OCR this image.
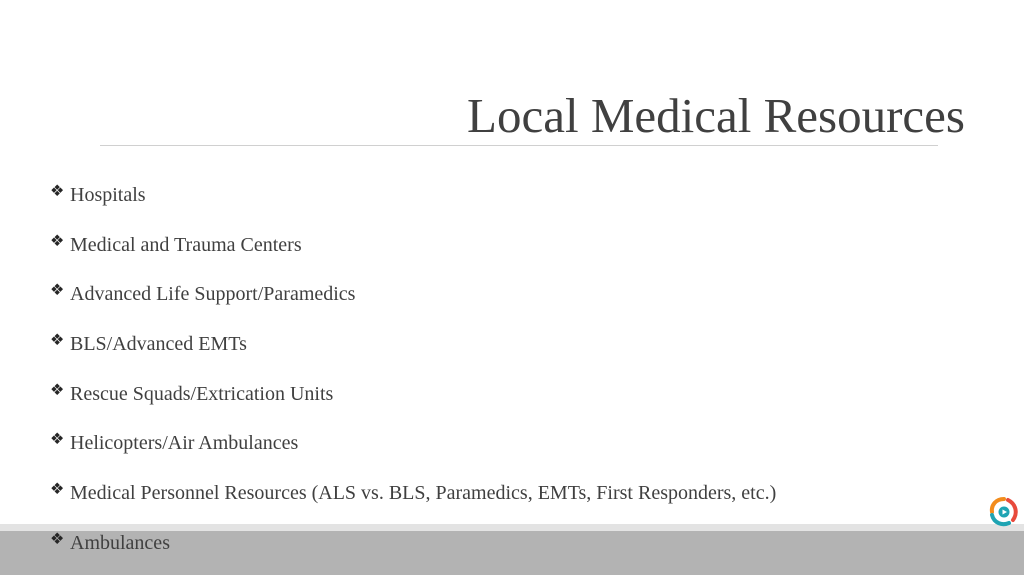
Local Medical Resources
❖ Hospitals
❖ Medical and Trauma Centers
❖ Advanced Life Support/Paramedics
❖ BLS/Advanced EMTs
❖ Rescue Squads/Extrication Units
❖ Helicopters/Air Ambulances
❖ Medical Personnel Resources (ALS vs. BLS, Paramedics, EMTs, First Responders, etc.)
❖ Ambulances
